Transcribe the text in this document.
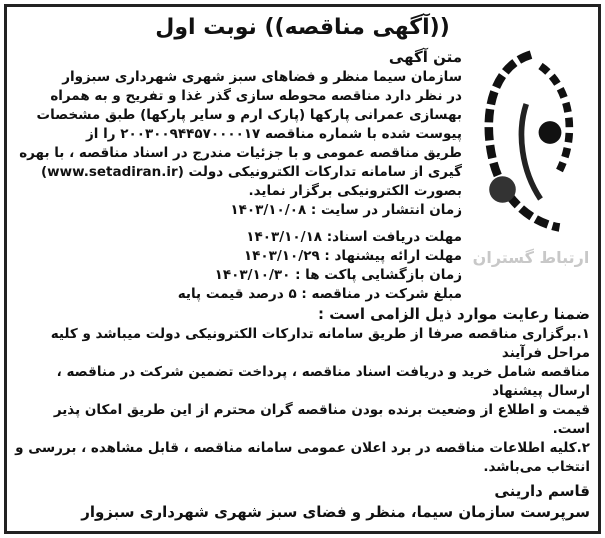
((آگهی مناقصه)) نوبت اول
ارتباط گستران
متن آگهی
سازمان سیما منظر و فضاهای سبز شهری شهرداری سبزوار
در نظر دارد مناقصه محوطه سازی گذر غذا و تفریح و به همراه
بهسازی عمرانی پارکها (پارک ارم و سایر پارکها) طبق مشخصات
پیوست شده با شماره مناقصه ۲۰۰۳۰۰۹۴۴۵۷۰۰۰۰۱۷ را از
طریق مناقصه عمومی و با جزئیات مندرج در اسناد مناقصه ، با بهره
گیری از سامانه تدارکات الکترونیکی دولت (www.setadiran.ir)
بصورت الکترونیکی برگزار نماید.
زمان انتشار در سایت : ۱۴۰۳/۱۰/۰۸
مهلت دریافت اسناد: ۱۴۰۳/۱۰/۱۸
مهلت ارائه پیشنهاد : ۱۴۰۳/۱۰/۲۹
زمان بازگشایی پاکت ها : ۱۴۰۳/۱۰/۳۰
مبلغ شرکت در مناقصه : ۵ درصد قیمت پایه
ضمنا رعایت موارد ذیل الزامی است :
۱.برگزاری مناقصه صرفا از طریق سامانه تدارکات الکترونیکی دولت میباشد و کلیه مراحل فرآیند
مناقصه شامل خرید و دریافت اسناد مناقصه ، پرداخت تضمین شرکت در مناقصه ، ارسال پیشنهاد
قیمت و اطلاع از وضعیت برنده بودن مناقصه گران محترم از این طریق امکان پذیر است.
۲.کلیه اطلاعات مناقصه در برد اعلان عمومی سامانه مناقصه ، قابل مشاهده ، بررسی و انتخاب می‌باشد.
قاسم دارینی
سرپرست سازمان سیما، منظر و فضای سبز شهری شهرداری سبزوار
